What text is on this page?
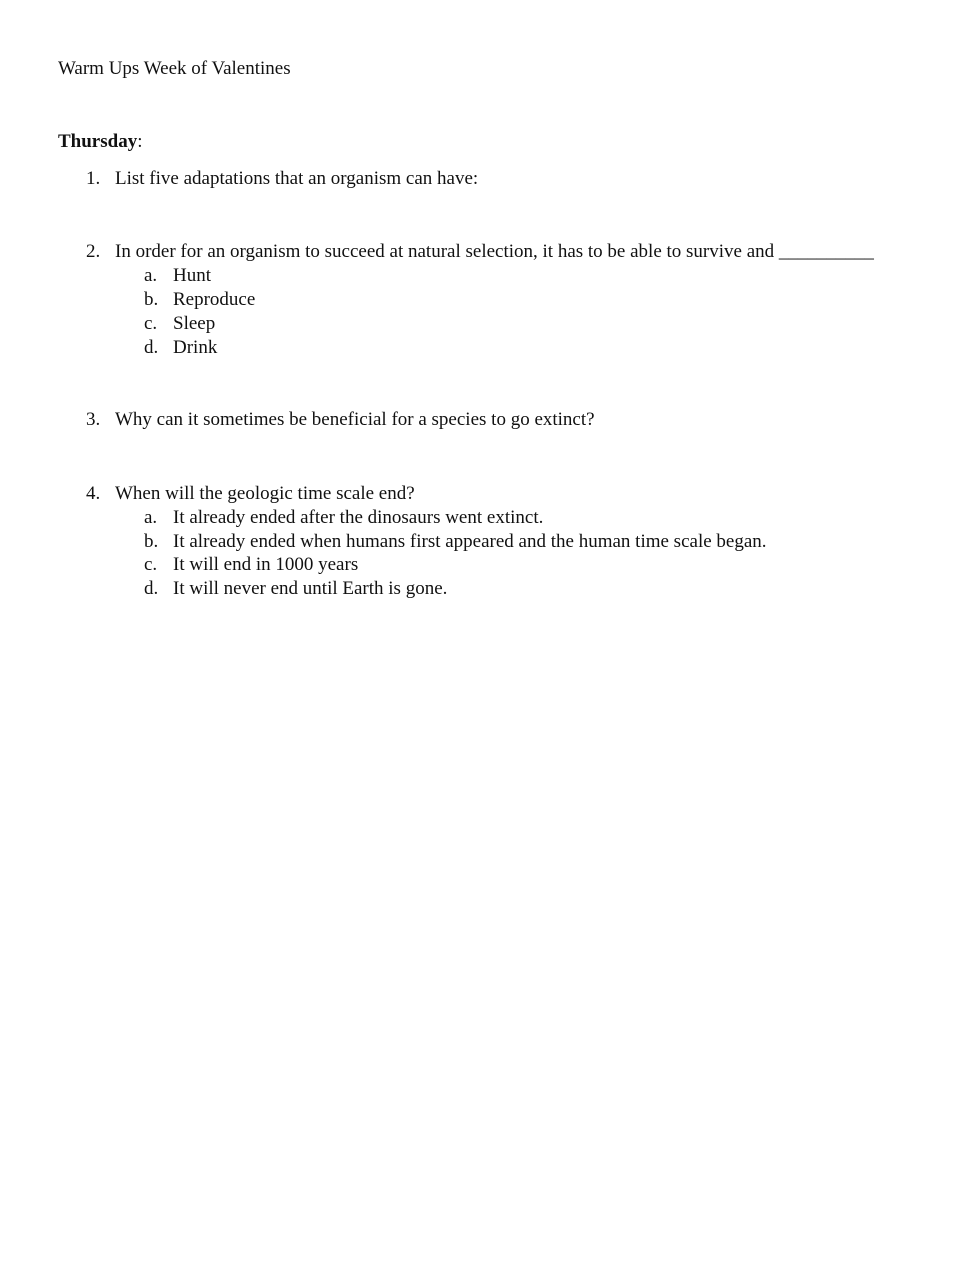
Warm Ups Week of Valentines
Thursday:
1. List five adaptations that an organism can have:
2. In order for an organism to succeed at natural selection, it has to be able to survive and __________
a. Hunt
b. Reproduce
c. Sleep
d. Drink
3. Why can it sometimes be beneficial for a species to go extinct?
4. When will the geologic time scale end?
a. It already ended after the dinosaurs went extinct.
b. It already ended when humans first appeared and the human time scale began.
c. It will end in 1000 years
d. It will never end until Earth is gone.
